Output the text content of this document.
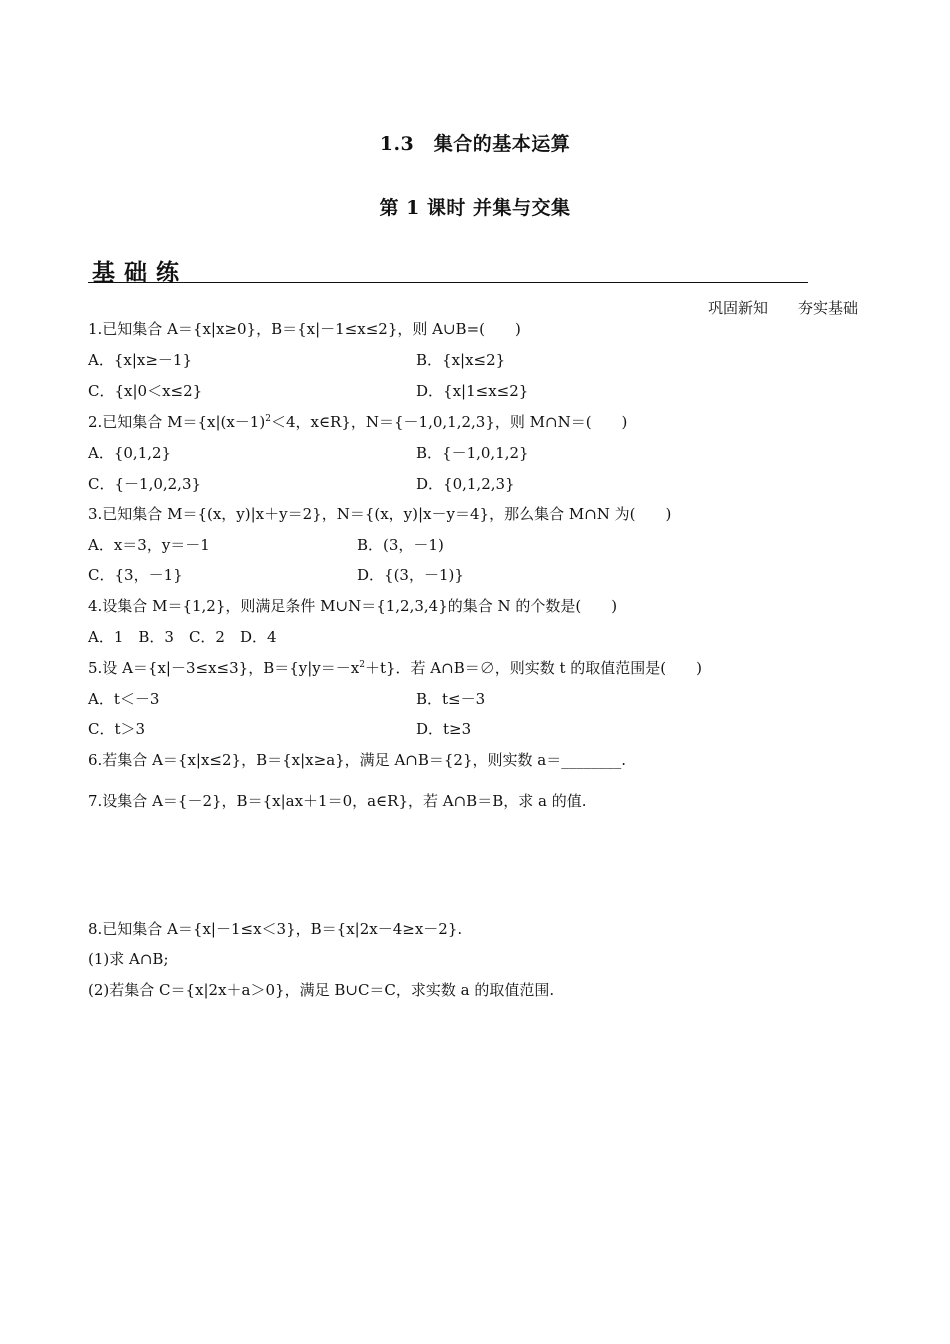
1.3　集合的基本运算
第 1 课时 并集与交集
基础练
巩固新知　　夯实基础
1.已知集合 A＝{x|x≥0}，B＝{x|－1≤x≤2}，则 A∪B=(　　)
A．{x|x≥－1}	B．{x|x≤2}
C．{x|0＜x≤2}	D．{x|1≤x≤2}
2.已知集合 $M=\{x|(x-1)^2<4$，x∈R}，N＝{－1,0,1,2,3}，则 M∩N＝(　　)
A．{0,1,2}	B．{－1,0,1,2}
C．{－1,0,2,3}	D．{0,1,2,3}
3.已知集合 M＝{(x，y)|x＋y＝2}，N＝{(x，y)|x－y＝4}，那么集合 M∩N 为(　　)
A．x＝3，y＝－1	B．(3，－1)
C．{3，－1}	D．{(3，－1)}
4.设集合 M＝{1,2}，则满足条件 M∪N＝{1,2,3,4}的集合 N 的个数是(　　)
A．1　B．3　C．2　D．4
5.设 A＝{x|－3≤x≤3}，$B=\{y|y=-x^2+t\}$．若 A∩B＝∅，则实数 t 的取值范围是(　　)
A．t＜－3	B．t≤－3
C．t＞3	D．t≥3
6.若集合 A＝{x|x≤2}，B＝{x|x≥a}，满足 A∩B＝{2}，则实数 a＝________.
7.设集合 A＝{－2}，B＝{x|ax＋1＝0，a∈R}，若 A∩B＝B，求 a 的值.
8.已知集合 A＝{x|－1≤x＜3}，B＝{x|2x－4≥x－2}.
(1)求 A∩B;
(2)若集合 C＝{x|2x＋a＞0}，满足 B∪C＝C，求实数 a 的取值范围.
